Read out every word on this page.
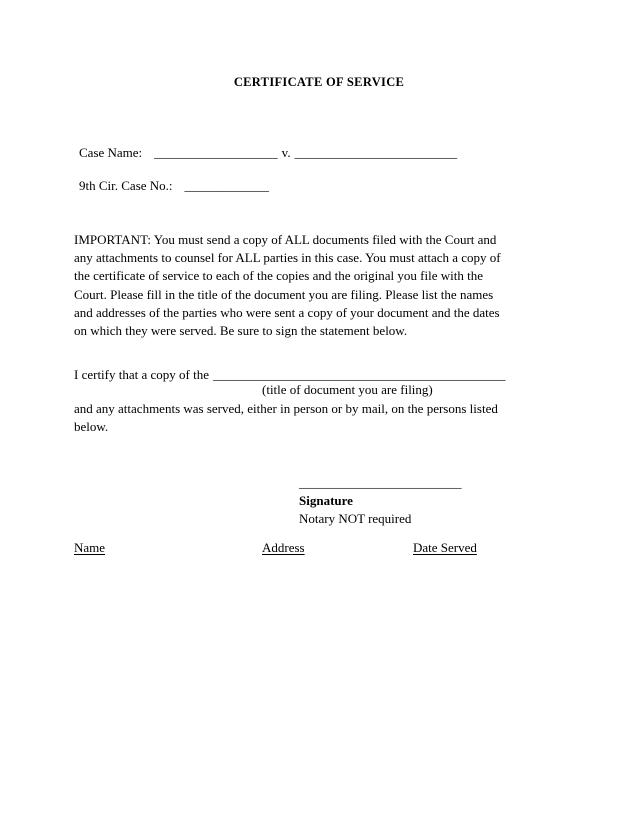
CERTIFICATE OF SERVICE
Case Name: ___________________ v. _________________________
9th Cir. Case No.: _____________
IMPORTANT: You must send a copy of ALL documents filed with the Court and
any attachments to counsel for ALL parties in this case. You must attach a copy of
the certificate of service to each of the copies and the original you file with the
Court. Please fill in the title of the document you are filing. Please list the names
and addresses of the parties who were sent a copy of your document and the dates
on which they were served. Be sure to sign the statement below.
I certify that a copy of the _____________________________________________
(title of document you are filing)
and any attachments was served, either in person or by mail, on the persons listed
below.
_________________________
Signature
Notary NOT required
Name	Address	Date Served
